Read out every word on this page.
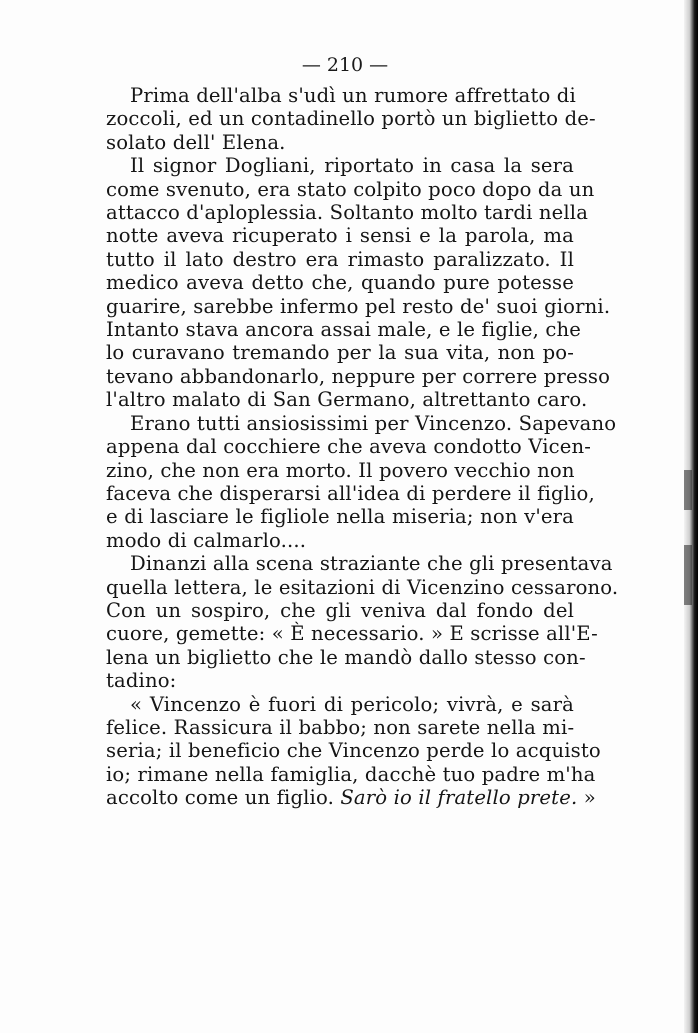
— 210 —

Prima dell'alba s'udì un rumore affrettato di
zoccoli, ed un contadinello portò un biglietto de-
solato dell' Elena.

Il signor Dogliani, riportato in casa la sera
come svenuto, era stato colpito poco dopo da un
attacco d'aploplessia. Soltanto molto tardi nella
notte aveva ricuperato i sensi e la parola, ma
tutto il lato destro era rimasto paralizzato. Il
medico aveva detto che, quando pure potesse
guarire, sarebbe infermo pel resto de' suoi giorni.
Intanto stava ancora assai male, e le figlie, che
lo curavano tremando per la sua vita, non po-
tevano abbandonarlo, neppure per correre presso
l'altro malato di San Germano, altrettanto caro.

Erano tutti ansiosissimi per Vincenzo. Sapevano
appena dal cocchiere che aveva condotto Vicen-
zino, che non era morto. Il povero vecchio non
faceva che disperarsi all'idea di perdere il figlio,
e di lasciare le figliole nella miseria; non v'era
modo di calmarlo....

Dinanzi alla scena straziante che gli presentava
quella lettera, le esitazioni di Vicenzino cessarono.
Con un sospiro, che gli veniva dal fondo del
cuore, gemette: « È necessario. » E scrisse all'E-
lena un biglietto che le mandò dallo stesso con-
tadino:

« Vincenzo è fuori di pericolo; vivrà, e sarà
felice. Rassicura il babbo; non sarete nella mi-
seria; il beneficio che Vincenzo perde lo acquisto
io; rimane nella famiglia, dacchè tuo padre m'ha
accolto come un figlio. Sarò io il fratello prete. »
